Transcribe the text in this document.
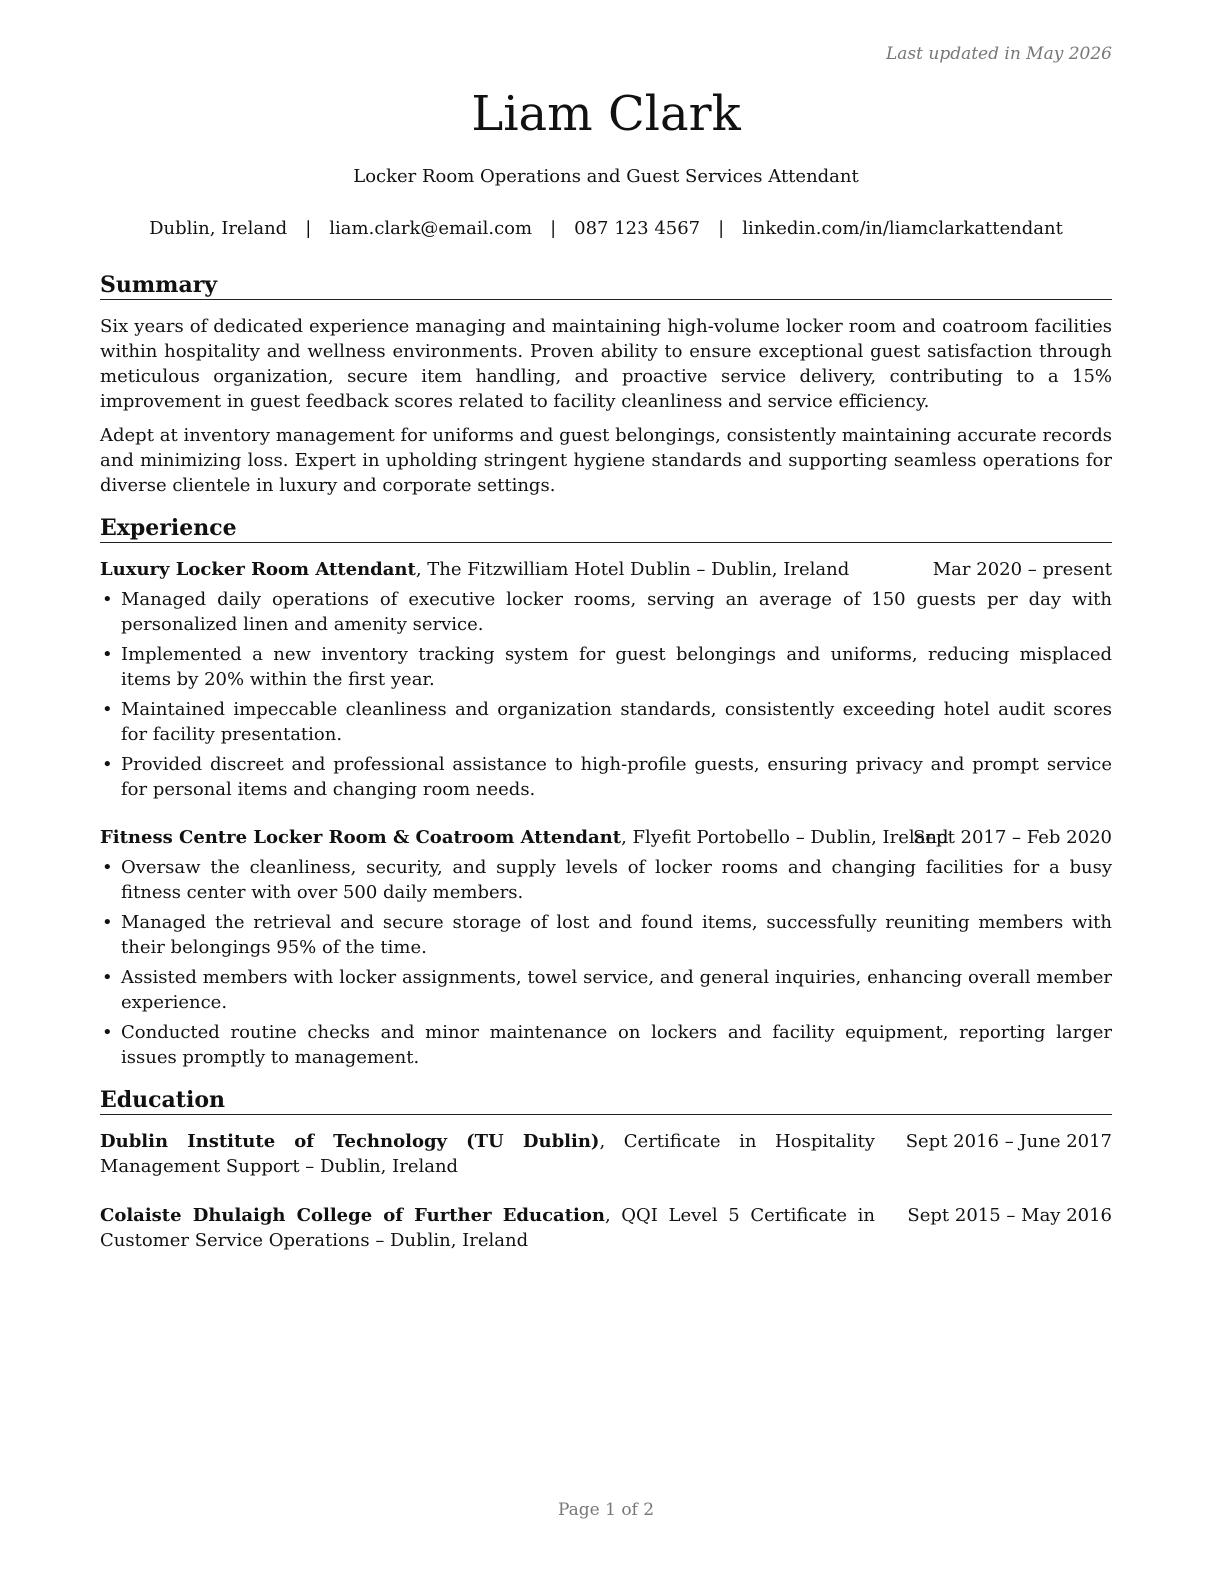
Last updated in May 2026
Liam Clark
Locker Room Operations and Guest Services Attendant
Dublin, Ireland | liam.clark@email.com | 087 123 4567 | linkedin.com/in/liamclarkattendant
Summary

Six years of dedicated experience managing and maintaining high-volume locker room and coatroom facilities within hospitality and wellness environments. Proven ability to ensure exceptional guest satisfaction through meticulous organization, secure item handling, and proactive service delivery, contributing to a 15% improvement in guest feedback scores related to facility cleanliness and service efficiency.

Adept at inventory management for uniforms and guest belongings, consistently maintaining accurate records and minimizing loss. Expert in upholding stringent hygiene standards and supporting seamless operations for diverse clientele in luxury and corporate settings.

Experience
Luxury Locker Room Attendant, The Fitzwilliam Hotel Dublin – Dublin, Ireland	Mar 2020 – present
• Managed daily operations of executive locker rooms, serving an average of 150 guests per day with personalized linen and amenity service.
• Implemented a new inventory tracking system for guest belongings and uniforms, reducing misplaced items by 20% within the first year.
• Maintained impeccable cleanliness and organization standards, consistently exceeding hotel audit scores for facility presentation.
• Provided discreet and professional assistance to high-profile guests, ensuring privacy and prompt service for personal items and changing room needs.
Fitness Centre Locker Room & Coatroom Attendant, Flyefit Portobello – Dublin, Ireland
Sept 2017 – Feb 2020
• Oversaw the cleanliness, security, and supply levels of locker rooms and changing facilities for a busy fitness center with over 500 daily members.
• Managed the retrieval and secure storage of lost and found items, successfully reuniting members with their belongings 95% of the time.
• Assisted members with locker assignments, towel service, and general inquiries, enhancing overall member experience.
• Conducted routine checks and minor maintenance on lockers and facility equipment, reporting larger issues promptly to management.
Education
Dublin Institute of Technology (TU Dublin), Certificate in Hospitality Management Support – Dublin, Ireland
Sept 2016 – June 2017
Colaiste Dhulaigh College of Further Education, QQI Level 5 Certificate in Customer Service Operations – Dublin, Ireland
Sept 2015 – May 2016
Page 1 of 2
